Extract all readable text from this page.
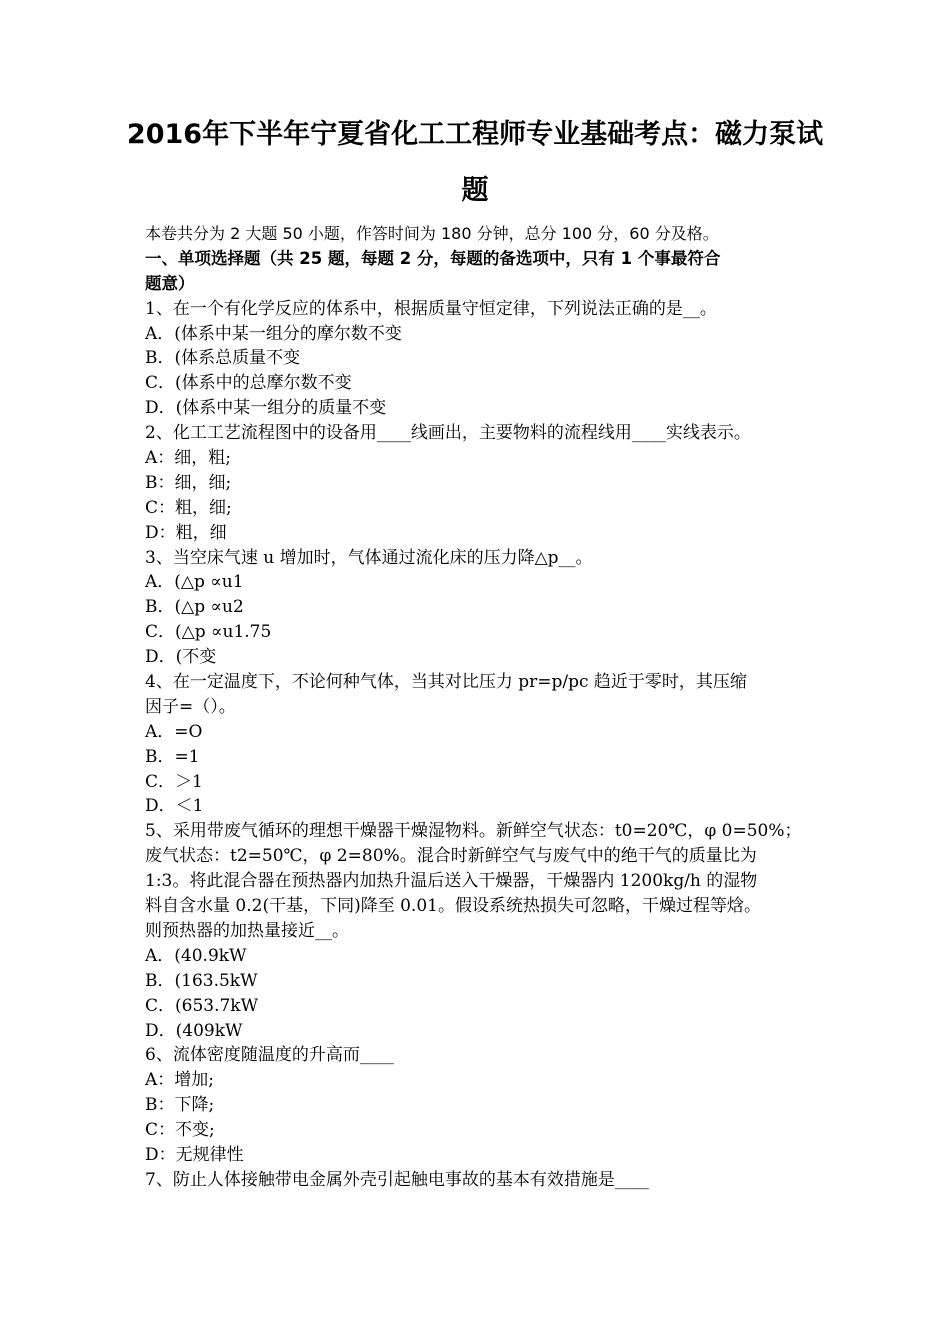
2016年下半年宁夏省化工工程师专业基础考点：磁力泵试
题
本卷共分为 2 大题 50 小题，作答时间为 180 分钟，总分 100 分，60 分及格。
一、单项选择题（共 25 题，每题 2 分，每题的备选项中，只有 1 个事最符合
题意）
1、在一个有化学反应的体系中，根据质量守恒定律，下列说法正确的是__。
A．(体系中某一组分的摩尔数不变
B．(体系总质量不变
C．(体系中的总摩尔数不变
D．(体系中某一组分的质量不变
2、化工工艺流程图中的设备用____线画出，主要物料的流程线用____实线表示。
A：细，粗;
B：细，细;
C：粗，细;
D：粗，细
3、当空床气速 u 增加时，气体通过流化床的压力降△p__。
A．(△p ∝u1
B．(△p ∝u2
C．(△p ∝u1.75
D．(不变
4、在一定温度下，不论何种气体，当其对比压力 pr=p/pc 趋近于零时，其压缩
因子=（）。
A．=O
B．=1
C．＞1
D．＜1
5、采用带废气循环的理想干燥器干燥湿物料。新鲜空气状态：t0=20℃，φ 0=50%；
废气状态：t2=50℃，φ 2=80%。混合时新鲜空气与废气中的绝干气的质量比为
1:3。将此混合器在预热器内加热升温后送入干燥器，干燥器内 1200kg/h 的湿物
料自含水量 0.2(干基，下同)降至 0.01。假设系统热损失可忽略，干燥过程等焓。
则预热器的加热量接近__。
A．(40.9kW
B．(163.5kW
C．(653.7kW
D．(409kW
6、流体密度随温度的升高而____
A：增加;
B：下降;
C：不变;
D：无规律性
7、防止人体接触带电金属外壳引起触电事故的基本有效措施是____
